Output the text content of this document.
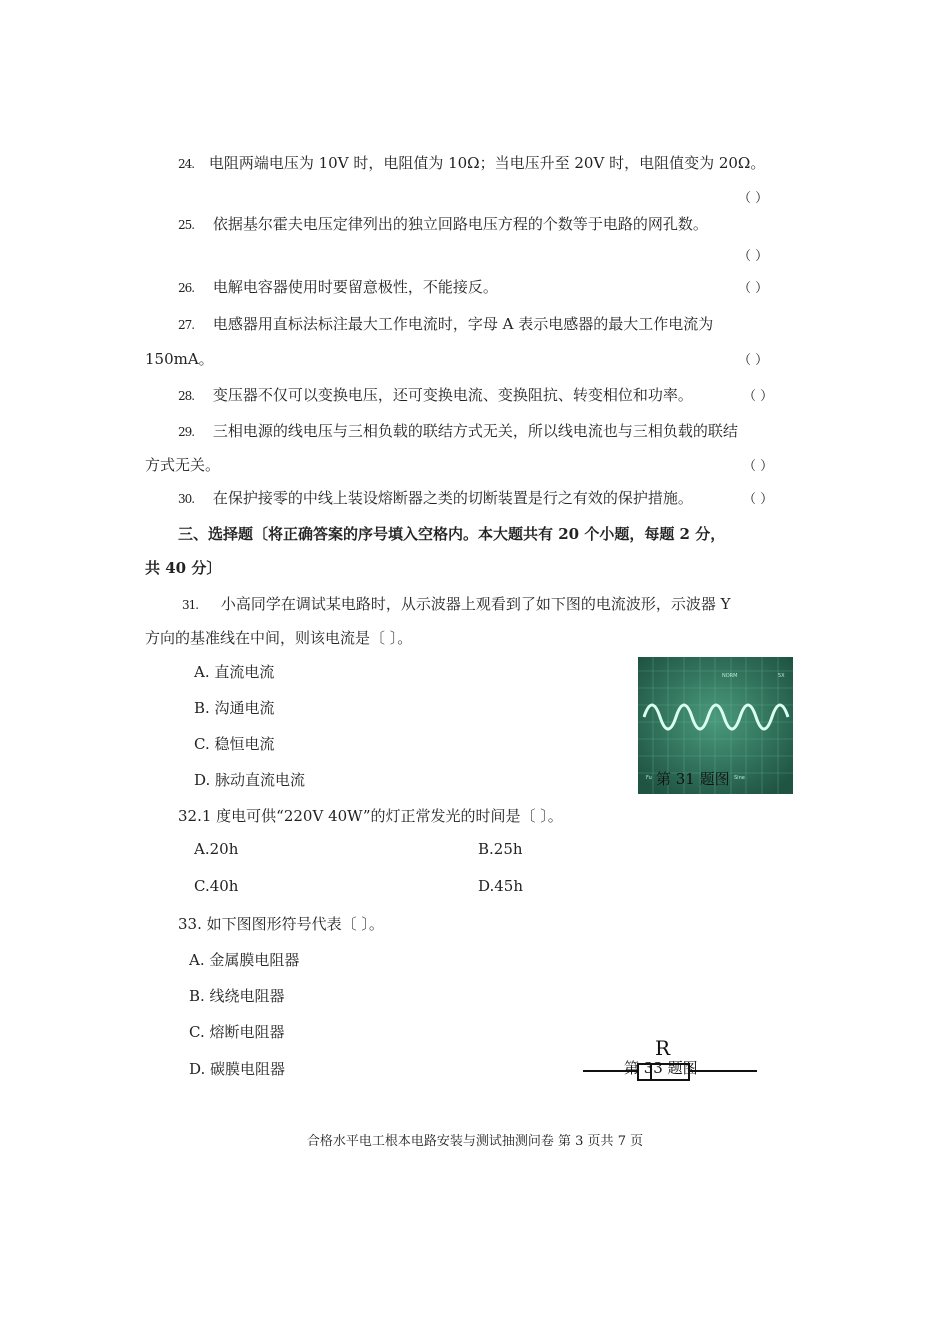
24. 电阻两端电压为 10V 时，电阻值为 10Ω；当电压升至 20V 时，电阻值变为 20Ω。
（ ）
25. 依据基尔霍夫电压定律列出的独立回路电压方程的个数等于电路的网孔数。
（ ）
26. 电解电容器使用时要留意极性，不能接反。	（ ）
27. 电感器用直标法标注最大工作电流时，字母 A 表示电感器的最大工作电流为
150mA。	（ ）
28. 变压器不仅可以变换电压，还可变换电流、变换阻抗、转变相位和功率。	（ ）
29. 三相电源的线电压与三相负载的联结方式无关，所以线电流也与三相负载的联结
方式无关。	（ ）
30. 在保护接零的中线上装设熔断器之类的切断装置是行之有效的保护措施。	（ ）
三、选择题〔将正确答案的序号填入空格内。本大题共有 20 个小题，每题 2 分，
共 40 分〕
31. 小高同学在调试某电路时，从示波器上观看到了如下图的电流波形，示波器 Y
方向的基准线在中间，则该电流是〔 〕。
A. 直流电流
B. 沟通电流
C. 稳恒电流
D. 脉动直流电流
NORM	5X
Fu	Sine
第 31 题图
32.1 度电可供“220V 40W”的灯正常发光的时间是〔 〕。
A.20h	B.25h
C.40h	D.45h
33. 如下图图形符号代表〔 〕。
A. 金属膜电阻器
B. 线绕电阻器
C. 熔断电阻器
D. 碳膜电阻器
R
第 33 题图
合格水平电工根本电路安装与测试抽测问卷 第 3 页共 7 页
